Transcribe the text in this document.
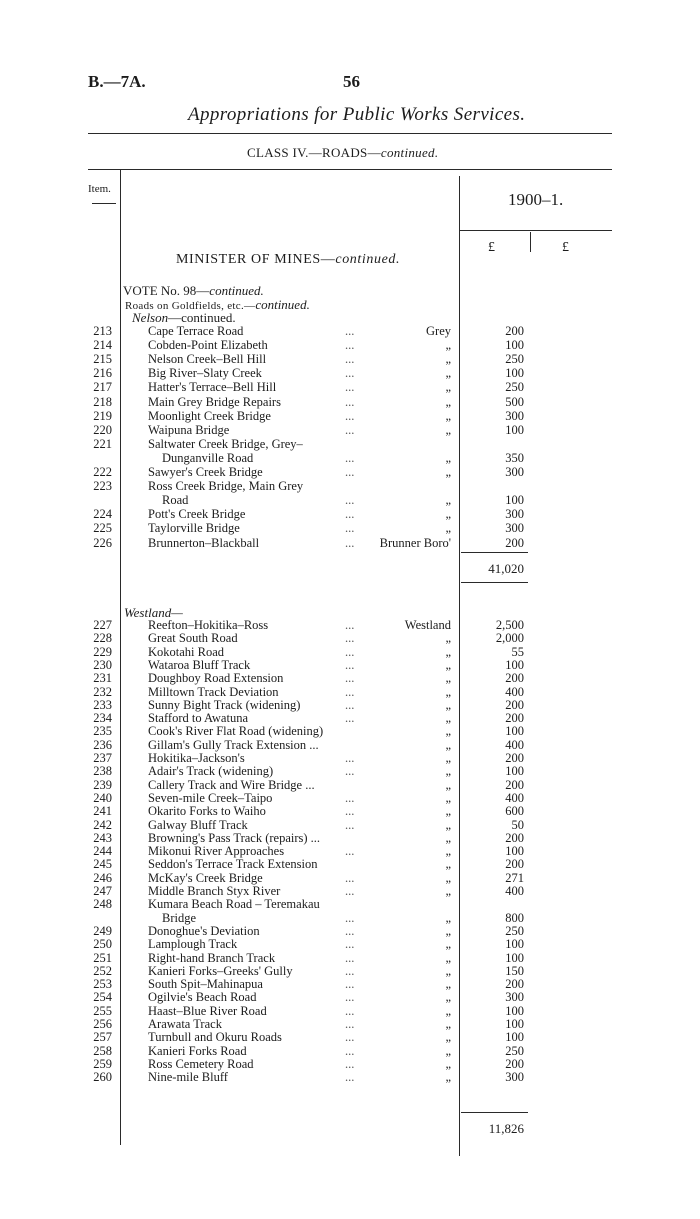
B.—7A.	56
Appropriations for Public Works Services.
CLASS IV.—ROADS—continued.
Item.
1900–1.
£	£
MINISTER OF MINES—continued.
VOTE No. 98—continued.
Roads on Goldfields, etc.—continued.
Nelson—continued.
213	Cape Terrace Road	...	Grey	200
214	Cobden-Point Elizabeth	...	„	100
215	Nelson Creek–Bell Hill	...	„	250
216	Big River–Slaty Creek	...	„	100
217	Hatter's Terrace–Bell Hill	...	„	250
218	Main Grey Bridge Repairs	...	„	500
219	Moonlight Creek Bridge	...	„	300
220	Waipuna Bridge	...	„	100
221	Saltwater Creek Bridge, Grey–
Dunganville Road	...	„	350
222	Sawyer's Creek Bridge	...	„	300
223	Ross Creek Bridge, Main Grey
Road	...	„	100
224	Pott's Creek Bridge	...	„	300
225	Taylorville Bridge	...	„	300
226	Brunnerton–Blackball	... Brunner Boro'	200
41,020
Westland—
227	Reefton–Hokitika–Ross	...	Westland	2,500
228	Great South Road	...	„	2,000
229	Kokotahi Road	...	„	55
230	Wataroa Bluff Track	...	„	100
231	Doughboy Road Extension	...	„	200
232	Milltown Track Deviation	...	„	400
233	Sunny Bight Track (widening)	...	„	200
234	Stafford to Awatuna	...	„	200
235	Cook's River Flat Road (widening)	„	100
236	Gillam's Gully Track Extension ...	„	400
237	Hokitika–Jackson's	...	„	200
238	Adair's Track (widening)	...	„	100
239	Callery Track and Wire Bridge ...	„	200
240	Seven-mile Creek–Taipo	...	„	400
241	Okarito Forks to Waiho	...	„	600
242	Galway Bluff Track	...	„	50
243	Browning's Pass Track (repairs) ...	„	200
244	Mikonui River Approaches	...	„	100
245	Seddon's Terrace Track Extension	„	200
246	McKay's Creek Bridge	...	„	271
247	Middle Branch Styx River	...	„	400
248	Kumara Beach Road – Teremakau
Bridge	...	„	800
249	Donoghue's Deviation	...	„	250
250	Lamplough Track	...	„	100
251	Right-hand Branch Track	...	„	100
252	Kanieri Forks–Greeks' Gully	...	„	150
253	South Spit–Mahinapua	...	„	200
254	Ogilvie's Beach Road	...	„	300
255	Haast–Blue River Road	...	„	100
256	Arawata Track	...	„	100
257	Turnbull and Okuru Roads	...	„	100
258	Kanieri Forks Road	...	„	250
259	Ross Cemetery Road	...	„	200
260	Nine-mile Bluff	...	„	300
11,826
